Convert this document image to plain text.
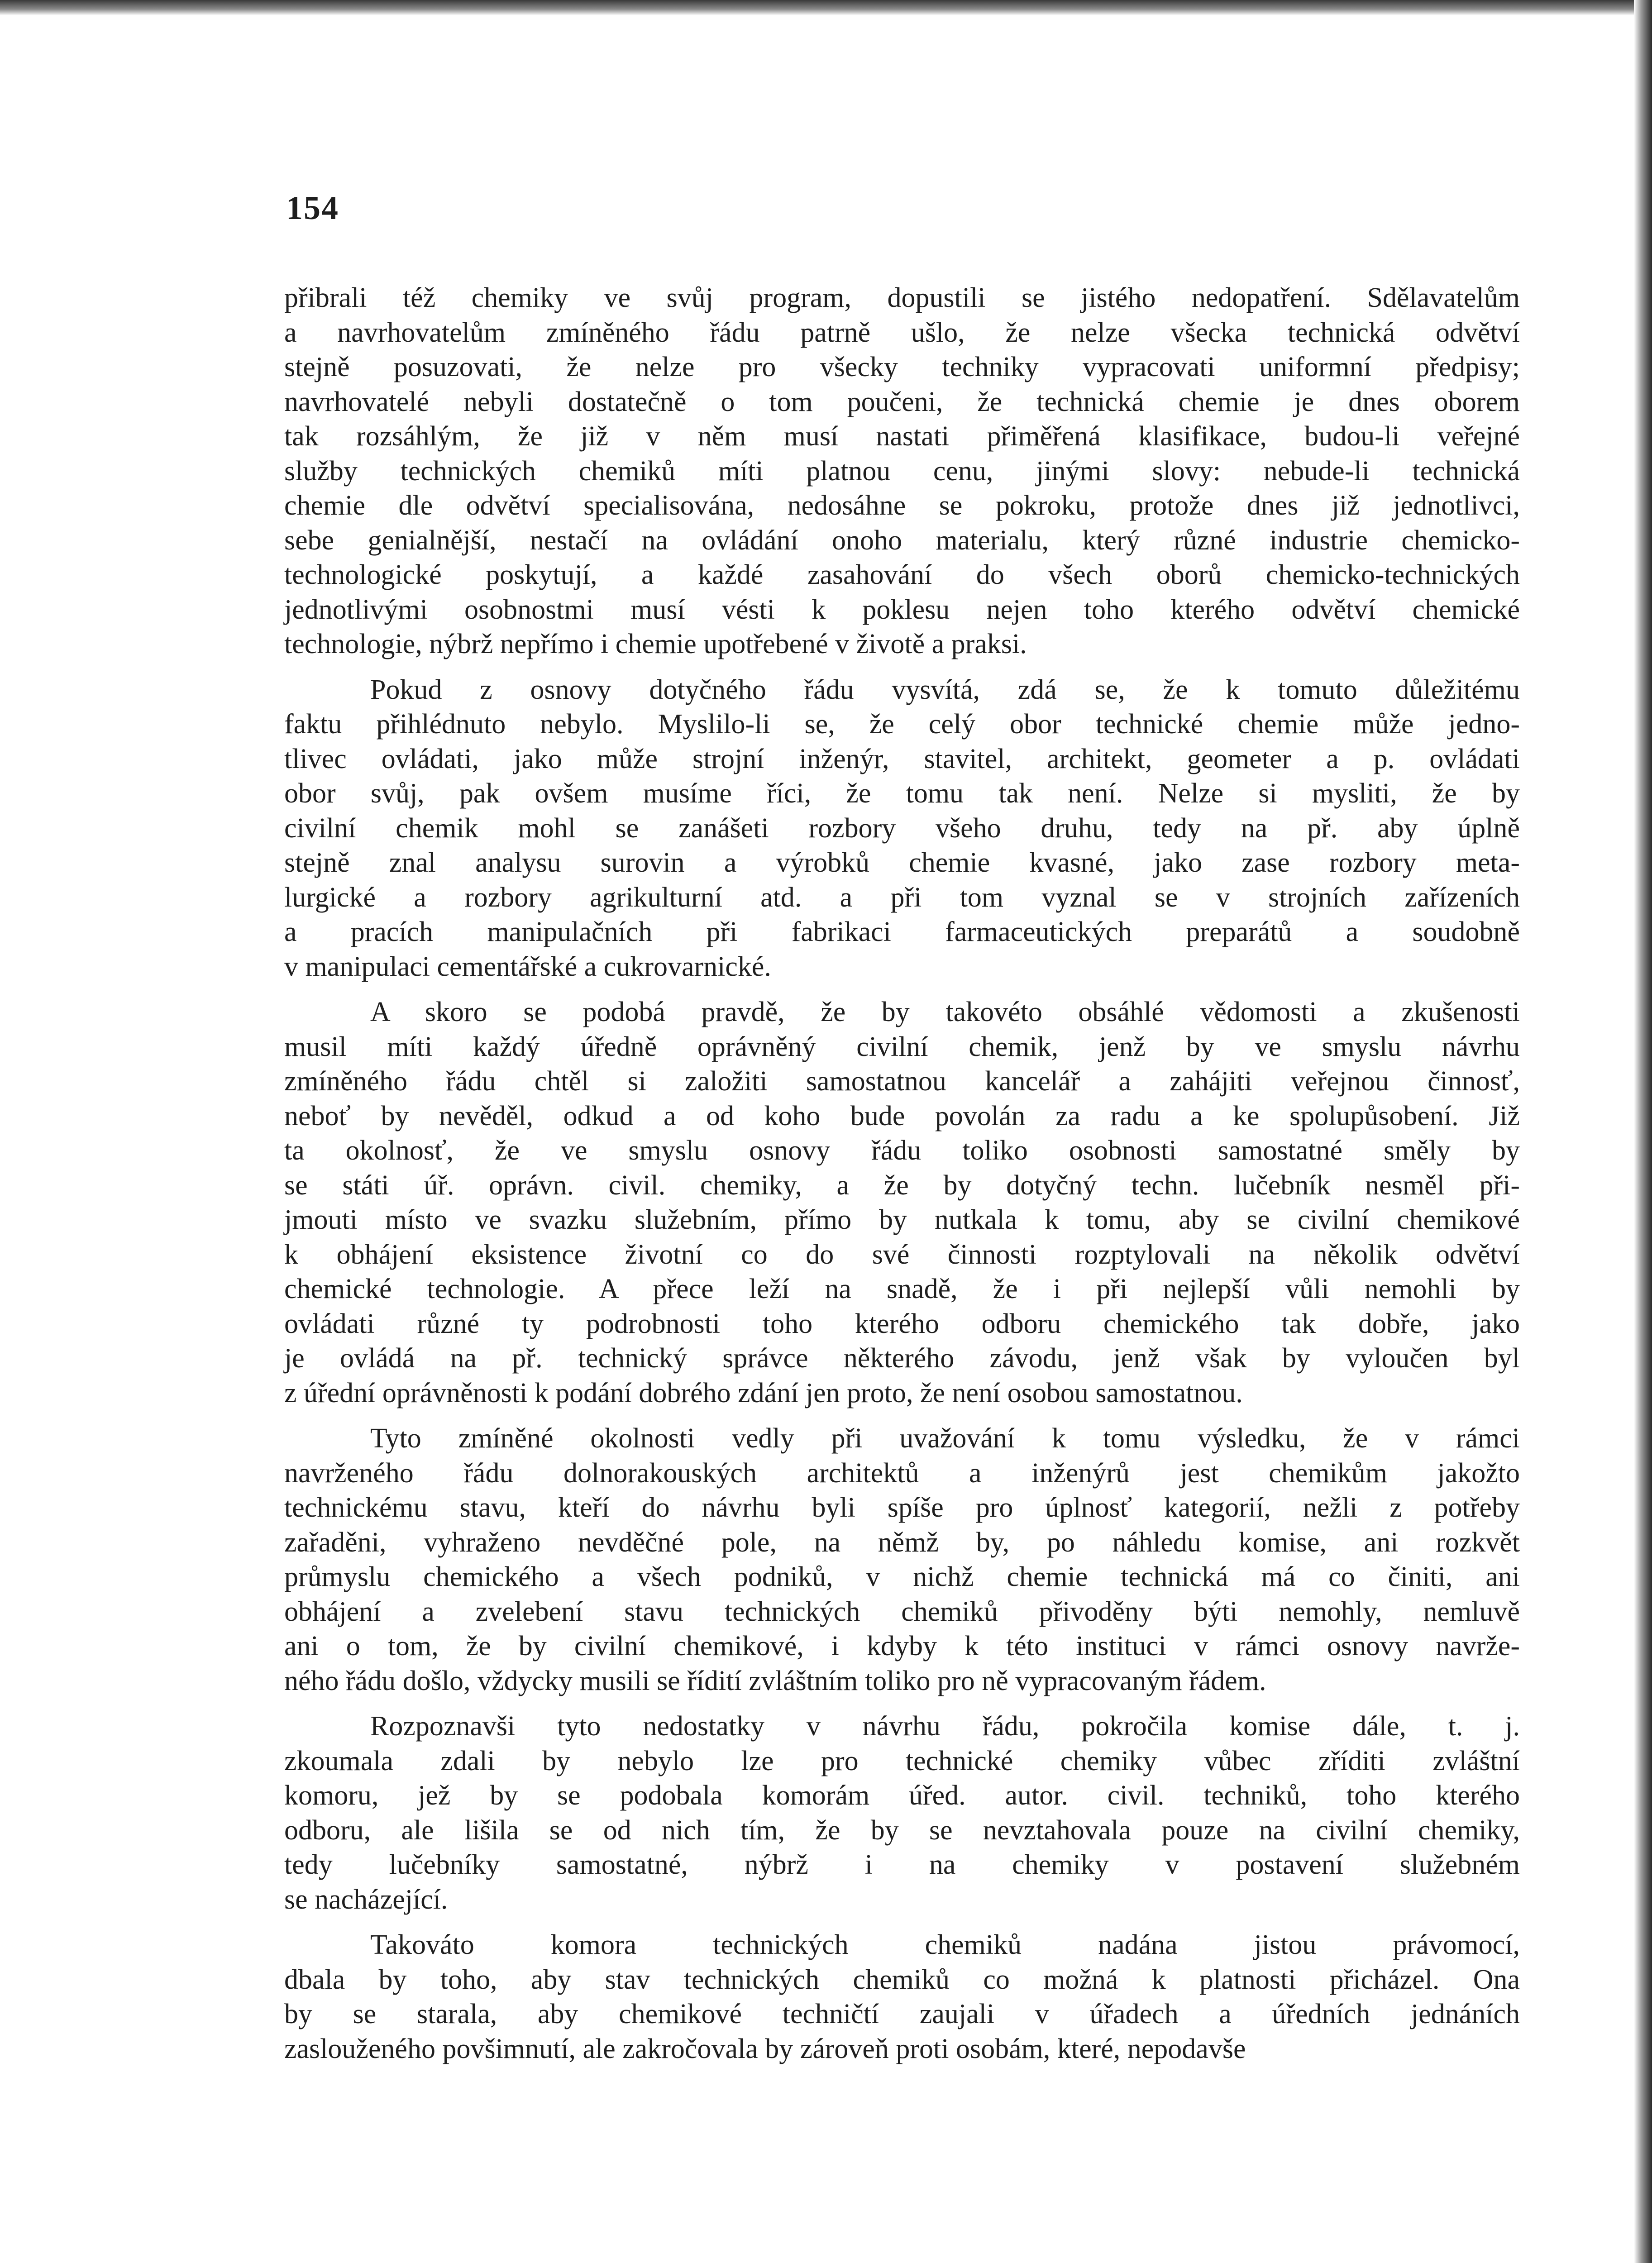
154
přibrali též chemiky ve svůj program, dopustili se jistého nedopatření. Sdělavatelům
a navrhovatelům zmíněného řádu patrně ušlo, že nelze všecka technická odvětví
stejně posuzovati, že nelze pro všecky techniky vypracovati uniformní předpisy;
navrhovatelé nebyli dostatečně o tom poučeni, že technická chemie je dnes oborem
tak rozsáhlým, že již v něm musí nastati přiměřená klasifikace, budou-li veřejné
služby technických chemiků míti platnou cenu, jinými slovy: nebude-li technická
chemie dle odvětví specialisována, nedosáhne se pokroku, protože dnes již jednotlivci,
sebe genialnější, nestačí na ovládání onoho materialu, který různé industrie chemicko-
technologické poskytují, a každé zasahování do všech oborů chemicko-technických
jednotlivými osobnostmi musí vésti k poklesu nejen toho kterého odvětví chemické
technologie, nýbrž nepřímo i chemie upotřebené v životě a praksi.
Pokud z osnovy dotyčného řádu vysvítá, zdá se, že k tomuto důležitému
faktu přihlédnuto nebylo. Myslilo-li se, že celý obor technické chemie může jedno-
tlivec ovládati, jako může strojní inženýr, stavitel, architekt, geometer a p. ovládati
obor svůj, pak ovšem musíme říci, že tomu tak není. Nelze si mysliti, že by
civilní chemik mohl se zanášeti rozbory všeho druhu, tedy na př. aby úplně
stejně znal analysu surovin a výrobků chemie kvasné, jako zase rozbory meta-
lurgické a rozbory agrikulturní atd. a při tom vyznal se v strojních zařízeních
a pracích manipulačních při fabrikaci farmaceutických preparátů a soudobně
v manipulaci cementářské a cukrovarnické.
A skoro se podobá pravdě, že by takovéto obsáhlé vědomosti a zkušenosti
musil míti každý úředně oprávněný civilní chemik, jenž by ve smyslu návrhu
zmíněného řádu chtěl si založiti samostatnou kancelář a zahájiti veřejnou činnosť,
neboť by nevěděl, odkud a od koho bude povolán za radu a ke spolupůsobení. Již
ta okolnosť, že ve smyslu osnovy řádu toliko osobnosti samostatné směly by
se státi úř. oprávn. civil. chemiky, a že by dotyčný techn. lučebník nesměl při-
jmouti místo ve svazku služebním, přímo by nutkala k tomu, aby se civilní chemikové
k obhájení eksistence životní co do své činnosti rozptylovali na několik odvětví
chemické technologie. A přece leží na snadě, že i při nejlepší vůli nemohli by
ovládati různé ty podrobnosti toho kterého odboru chemického tak dobře, jako
je ovládá na př. technický správce některého závodu, jenž však by vyloučen byl
z úřední oprávněnosti k podání dobrého zdání jen proto, že není osobou samostatnou.
Tyto zmíněné okolnosti vedly při uvažování k tomu výsledku, že v rámci
navrženého řádu dolnorakouských architektů a inženýrů jest chemikům jakožto
technickému stavu, kteří do návrhu byli spíše pro úplnosť kategorií, nežli z potřeby
zařaděni, vyhraženo nevděčné pole, na němž by, po náhledu komise, ani rozkvět
průmyslu chemického a všech podniků, v nichž chemie technická má co činiti, ani
obhájení a zvelebení stavu technických chemiků přivoděny býti nemohly, nemluvě
ani o tom, že by civilní chemikové, i kdyby k této instituci v rámci osnovy navrže-
ného řádu došlo, vždycky musili se řídití zvláštním toliko pro ně vypracovaným řádem.
Rozpoznavši tyto nedostatky v návrhu řádu, pokročila komise dále, t. j.
zkoumala zdali by nebylo lze pro technické chemiky vůbec zříditi zvláštní
komoru, jež by se podobala komorám úřed. autor. civil. techniků, toho kterého
odboru, ale lišila se od nich tím, že by se nevztahovala pouze na civilní chemiky,
tedy lučebníky samostatné, nýbrž i na chemiky v postavení služebném
se nacházející.
Takováto komora technických chemiků nadána jistou právomocí,
dbala by toho, aby stav technických chemiků co možná k platnosti přicházel. Ona
by se starala, aby chemikové techničtí zaujali v úřadech a úředních jednáních
zaslouženého povšimnutí, ale zakročovala by zároveň proti osobám, které, nepodavše
